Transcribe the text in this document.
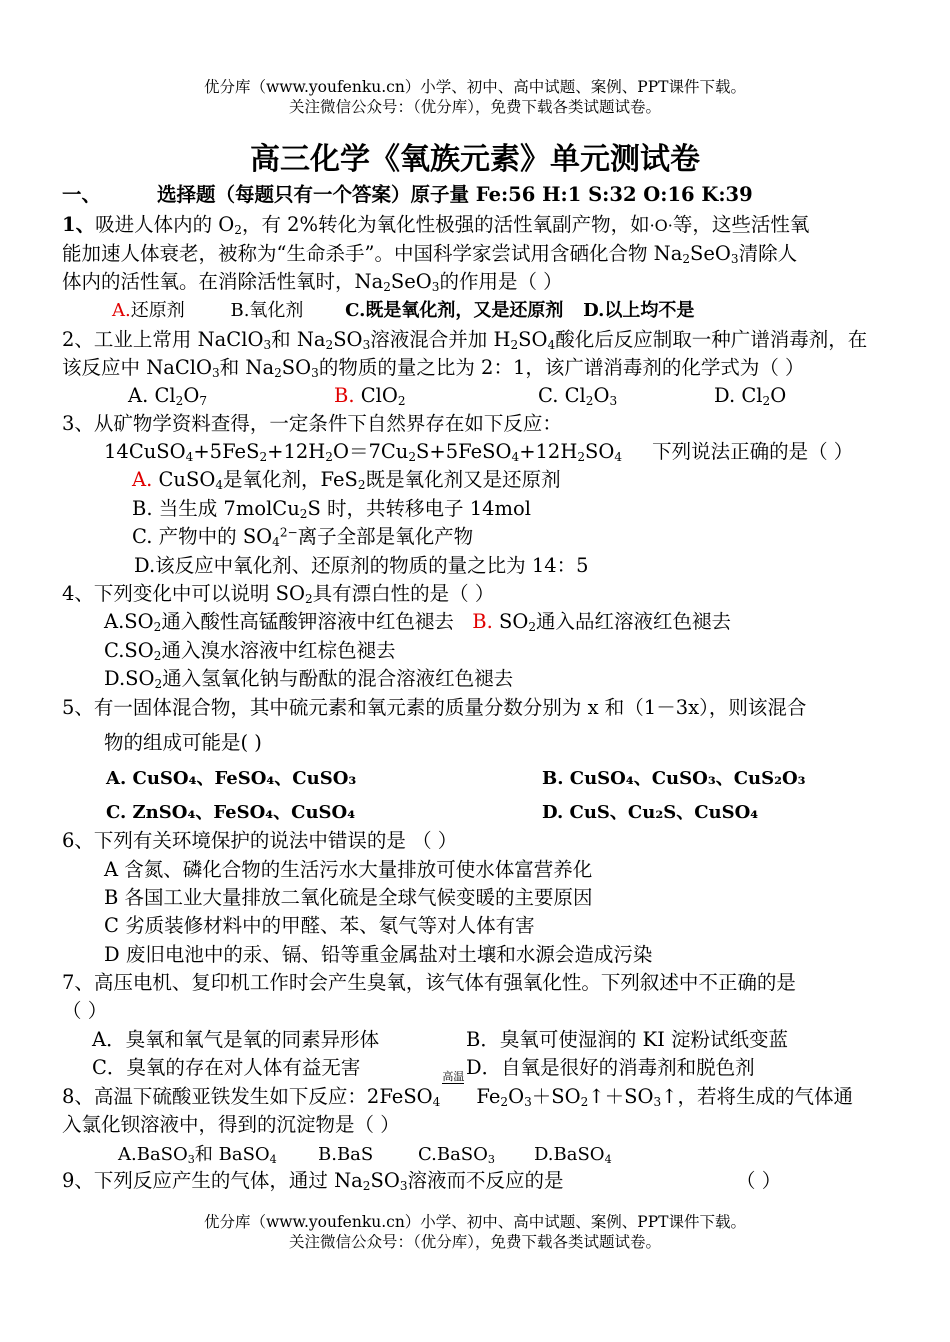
优分库（www.youfenku.cn）小学、初中、高中试题、案例、PPT课件下载。
关注微信公众号：（优分库），免费下载各类试题试卷。
高三化学《氧族元素》单元测试卷
一、	选择题（每题只有一个答案）原子量 Fe:56 H:1 S:32 O:16 K:39
1、吸进人体内的 $O_2$，有 2%转化为氧化性极强的活性氧副产物，如·O·等，这些活性氧
能加速人体衰老，被称为“生命杀手”。中国科学家尝试用含硒化合物 $Na_2SeO_3$清除人
体内的活性氧。在消除活性氧时，$Na_2SeO_3$的作用是（ ）
A.还原剂	B.氧化剂 C.既是氧化剂，又是还原剂 D.以上均不是
2、工业上常用 NaClO$_3$和 $Na_2SO_3$溶液混合并加 $H_2SO_4$酸化后反应制取一种广谱消毒剂，在
该反应中 NaClO$_3$和 $Na_2SO_3$的物质的量之比为 2：1，该广谱消毒剂的化学式为（ ）
A. $Cl_2O_7$	B. ClO$_2$	C. $Cl_2O_3$	D. $Cl_2O$
3、从矿物学资料查得，一定条件下自然界存在如下反应：
$14CuSO_4+5FeS_2+12H_2O=7Cu_2S+5FeSO_4+12H_2SO_4$ 下列说法正确的是（ ）
A. CuSO$_4$是氧化剂，FeS$_2$既是氧化剂又是还原剂
B. 当生成 7molCu$_2$S 时，共转移电子 14mol
C. 产物中的 $SO_4^{2-}$离子全部是氧化产物
D.该反应中氧化剂、还原剂的物质的量之比为 14：5
4、下列变化中可以说明 $SO_2$具有漂白性的是（ ）
$A.SO_2$通入酸性高锰酸钾溶液中红色褪去 B. $SO_2$通入品红溶液红色褪去
$C.SO_2$通入溴水溶液中红棕色褪去
$D.SO_2$通入氢氧化钠与酚酞的混合溶液红色褪去
5、有一固体混合物，其中硫元素和氧元素的质量分数分别为 x 和（1－3x），则该混合
物的组成可能是( )
A. CuSO₄、FeSO₄、CuSO₃	B. CuSO₄、CuSO₃、CuS₂O₃
C. ZnSO₄、FeSO₄、CuSO₄	D. CuS、Cu₂S、CuSO₄
6、下列有关环境保护的说法中错误的是 （ ）
A 含氮、磷化合物的生活污水大量排放可使水体富营养化
B 各国工业大量排放二氧化硫是全球气候变暖的主要原因
C 劣质装修材料中的甲醛、苯、氡气等对人体有害
D 废旧电池中的汞、镉、铅等重金属盐对土壤和水源会造成污染
7、高压电机、复印机工作时会产生臭氧，该气体有强氧化性。下列叙述中不正确的是
（ ）
A．臭氧和氧气是氧的同素异形体	B．臭氧可使湿润的 KI 淀粉试纸变蓝
C．臭氧的存在对人体有益无害	D．自氧是很好的消毒剂和脱色剂
8、高温下硫酸亚铁发生如下反应：2FeSO$_4$
高温
$Fe_2O_3+SO_2↑+SO_3↑$，若将生成的气体通
入氯化钡溶液中，得到的沉淀物是（ ）
A.BaSO$_3$和 BaSO$_4$ B.BaS C.BaSO$_3$ D.BaSO$_4$
9、下列反应产生的气体，通过 $Na_2SO_3$溶液而不反应的是	（ ）
优分库（www.youfenku.cn）小学、初中、高中试题、案例、PPT课件下载。
关注微信公众号：（优分库），免费下载各类试题试卷。
